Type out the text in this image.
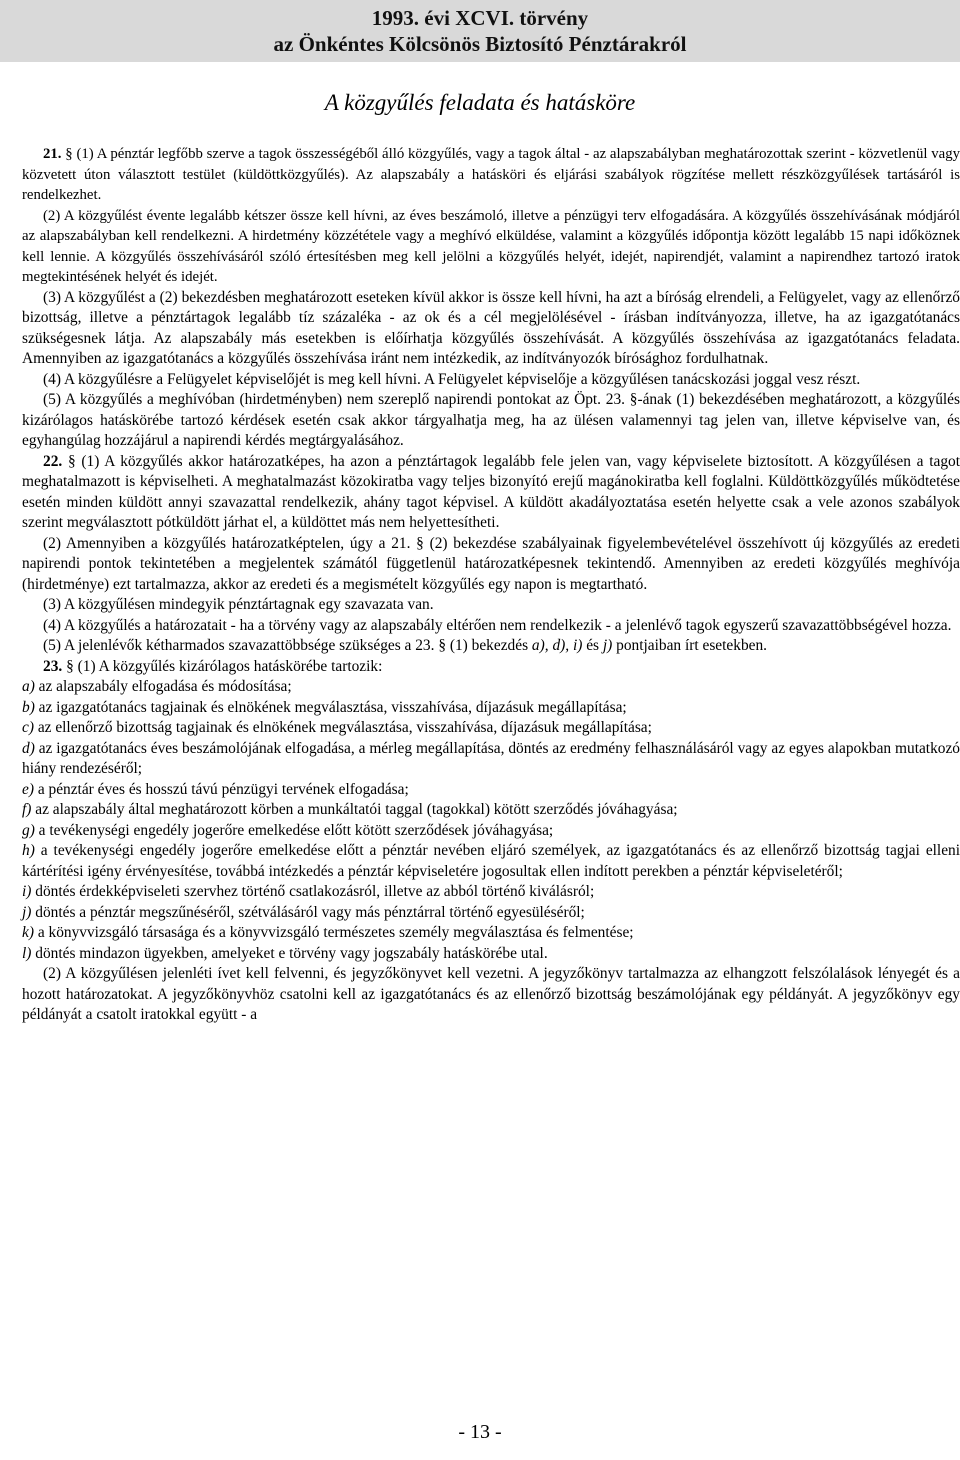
1993. évi XCVI. törvény
az Önkéntes Kölcsönös Biztosító Pénztárakról
A közgyűlés feladata és hatásköre

21. § (1) A pénztár legfőbb szerve a tagok összességéből álló közgyűlés, vagy a tagok által - az alapszabályban meghatározottak szerint - közvetlenül vagy közvetett úton választott testület (küldöttközgyűlés). Az alapszabály a hatásköri és eljárási szabályok rögzítése mellett részközgyűlések tartásáról is rendelkezhet.

(2) A közgyűlést évente legalább kétszer össze kell hívni, az éves beszámoló, illetve a pénzügyi terv elfogadására. A közgyűlés összehívásának módjáról az alapszabályban kell rendelkezni. A hirdetmény közzététele vagy a meghívó elküldése, valamint a közgyűlés időpontja között legalább 15 napi időköznek kell lennie. A közgyűlés összehívásáról szóló értesítésben meg kell jelölni a közgyűlés helyét, idejét, napirendjét, valamint a napirendhez tartozó iratok megtekintésének helyét és idejét.

(3) A közgyűlést a (2) bekezdésben meghatározott eseteken kívül akkor is össze kell hívni, ha azt a bíróság elrendeli, a Felügyelet, vagy az ellenőrző bizottság, illetve a pénztártagok legalább tíz százaléka - az ok és a cél megjelölésével - írásban indítványozza, illetve, ha az igazgatótanács szükségesnek látja. Az alapszabály más esetekben is előírhatja közgyűlés összehívását. A közgyűlés összehívása az igazgatótanács feladata. Amennyiben az igazgatótanács a közgyűlés összehívása iránt nem intézkedik, az indítványozók bírósághoz fordulhatnak.

(4) A közgyűlésre a Felügyelet képviselőjét is meg kell hívni. A Felügyelet képviselője a közgyűlésen tanácskozási joggal vesz részt.

(5) A közgyűlés a meghívóban (hirdetményben) nem szereplő napirendi pontokat az Öpt. 23. §-ának (1) bekezdésében meghatározott, a közgyűlés kizárólagos hatáskörébe tartozó kérdések esetén csak akkor tárgyalhatja meg, ha az ülésen valamennyi tag jelen van, illetve képviselve van, és egyhangúlag hozzájárul a napirendi kérdés megtárgyalásához.

22. § (1) A közgyűlés akkor határozatképes, ha azon a pénztártagok legalább fele jelen van, vagy képviselete biztosított. A közgyűlésen a tagot meghatalmazott is képviselheti. A meghatalmazást közokiratba vagy teljes bizonyító erejű magánokiratba kell foglalni. Küldöttközgyűlés működtetése esetén minden küldött annyi szavazattal rendelkezik, ahány tagot képvisel. A küldött akadályoztatása esetén helyette csak a vele azonos szabályok szerint megválasztott pótküldött járhat el, a küldöttet más nem helyettesítheti.

(2) Amennyiben a közgyűlés határozatképtelen, úgy a 21. § (2) bekezdése szabályainak figyelembevételével összehívott új közgyűlés az eredeti napirendi pontok tekintetében a megjelentek számától függetlenül határozatképesnek tekintendő. Amennyiben az eredeti közgyűlés meghívója (hirdetménye) ezt tartalmazza, akkor az eredeti és a megismételt közgyűlés egy napon is megtartható.

(3) A közgyűlésen mindegyik pénztártagnak egy szavazata van.

(4) A közgyűlés a határozatait - ha a törvény vagy az alapszabály eltérően nem rendelkezik - a jelenlévő tagok egyszerű szavazattöbbségével hozza.

(5) A jelenlévők kétharmados szavazattöbbsége szükséges a 23. § (1) bekezdés a), d), i) és j) pontjaiban írt esetekben.

23. § (1) A közgyűlés kizárólagos hatáskörébe tartozik:

a) az alapszabály elfogadása és módosítása;

b) az igazgatótanács tagjainak és elnökének megválasztása, visszahívása, díjazásuk megállapítása;

c) az ellenőrző bizottság tagjainak és elnökének megválasztása, visszahívása, díjazásuk megállapítása;

d) az igazgatótanács éves beszámolójának elfogadása, a mérleg megállapítása, döntés az eredmény felhasználásáról vagy az egyes alapokban mutatkozó hiány rendezéséről;

e) a pénztár éves és hosszú távú pénzügyi tervének elfogadása;

f) az alapszabály által meghatározott körben a munkáltatói taggal (tagokkal) kötött szerződés jóváhagyása;

g) a tevékenységi engedély jogerőre emelkedése előtt kötött szerződések jóváhagyása;

h) a tevékenységi engedély jogerőre emelkedése előtt a pénztár nevében eljáró személyek, az igazgatótanács és az ellenőrző bizottság tagjai elleni kártérítési igény érvényesítése, továbbá intézkedés a pénztár képviseletére jogosultak ellen indított perekben a pénztár képviseletéről;

i) döntés érdekképviseleti szervhez történő csatlakozásról, illetve az abból történő kiválásról;

j) döntés a pénztár megszűnéséről, szétválásáról vagy más pénztárral történő egyesüléséről;

k) a könyvvizsgáló társasága és a könyvvizsgáló természetes személy megválasztása és felmentése;

l) döntés mindazon ügyekben, amelyeket e törvény vagy jogszabály hatáskörébe utal.

(2) A közgyűlésen jelenléti ívet kell felvenni, és jegyzőkönyvet kell vezetni. A jegyzőkönyv tartalmazza az elhangzott felszólalások lényegét és a hozott határozatokat. A jegyzőkönyvhöz csatolni kell az igazgatótanács és az ellenőrző bizottság beszámolójának egy példányát. A jegyzőkönyv egy példányát a csatolt iratokkal együtt - a

- 13 -
